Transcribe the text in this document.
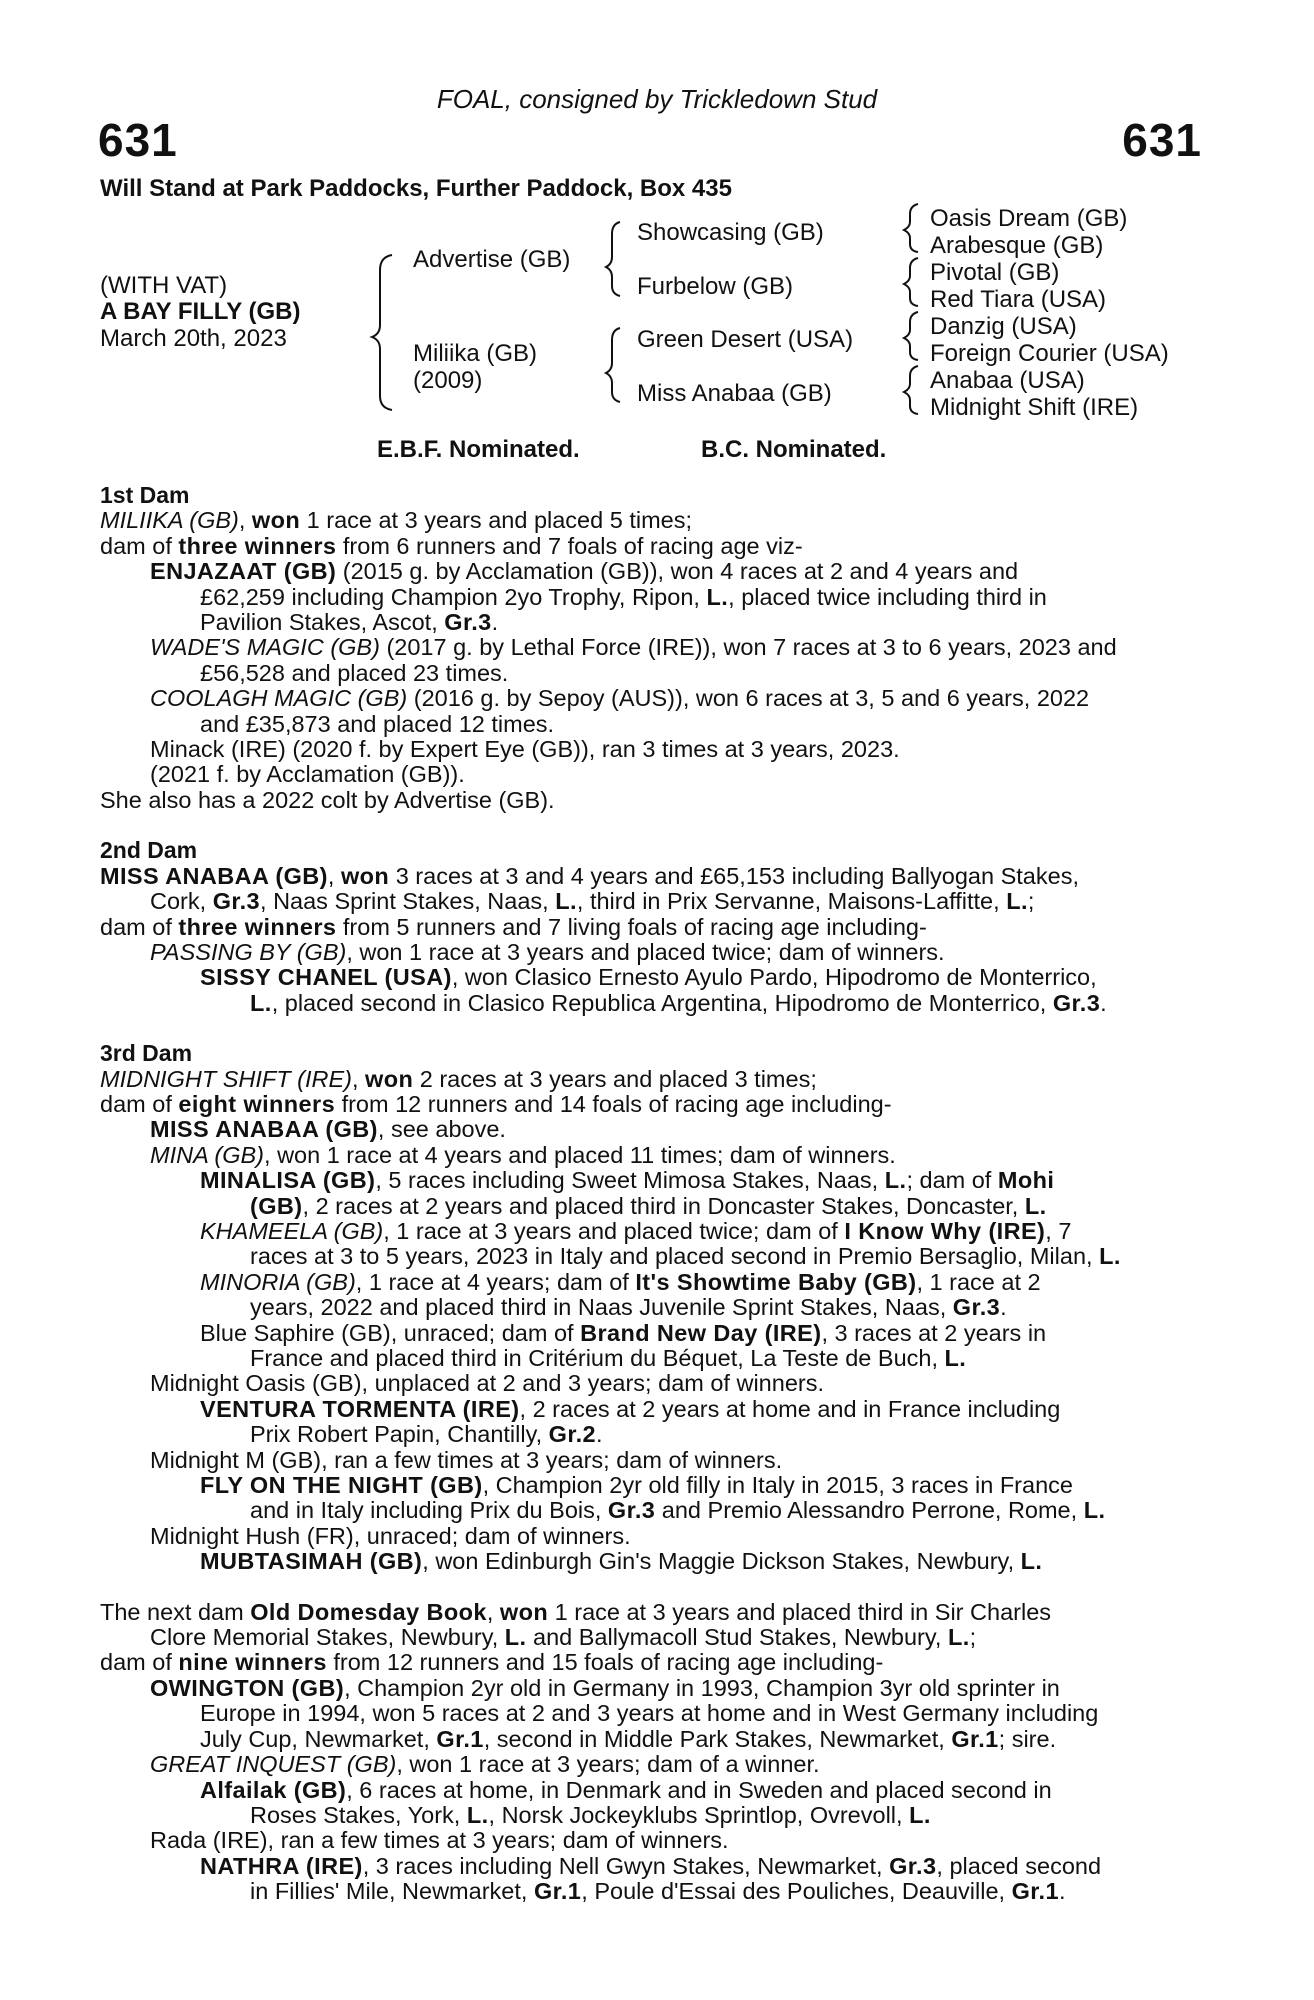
FOAL, consigned by Trickledown Stud
631	631
Will Stand at Park Paddocks, Further Paddock, Box 435
(WITH VAT)
A BAY FILLY (GB)
March 20th, 2023
Advertise (GB)
Miliika (GB)
(2009)
Showcasing (GB)
Furbelow (GB)
Green Desert (USA)
Miss Anabaa (GB)
Oasis Dream (GB)
Arabesque (GB)
Pivotal (GB)
Red Tiara (USA)
Danzig (USA)
Foreign Courier (USA)
Anabaa (USA)
Midnight Shift (IRE)
E.B.F. Nominated.	B.C. Nominated.
1st Dam
MILIIKA (GB), won 1 race at 3 years and placed 5 times;
dam of three winners from 6 runners and 7 foals of racing age viz-
ENJAZAAT (GB) (2015 g. by Acclamation (GB)), won 4 races at 2 and 4 years and
£62,259 including Champion 2yo Trophy, Ripon, L., placed twice including third in
Pavilion Stakes, Ascot, Gr.3.
WADE'S MAGIC (GB) (2017 g. by Lethal Force (IRE)), won 7 races at 3 to 6 years, 2023 and
£56,528 and placed 23 times.
COOLAGH MAGIC (GB) (2016 g. by Sepoy (AUS)), won 6 races at 3, 5 and 6 years, 2022
and £35,873 and placed 12 times.
Minack (IRE) (2020 f. by Expert Eye (GB)), ran 3 times at 3 years, 2023.
(2021 f. by Acclamation (GB)).
She also has a 2022 colt by Advertise (GB).
2nd Dam
MISS ANABAA (GB), won 3 races at 3 and 4 years and £65,153 including Ballyogan Stakes,
Cork, Gr.3, Naas Sprint Stakes, Naas, L., third in Prix Servanne, Maisons-Laffitte, L.;
dam of three winners from 5 runners and 7 living foals of racing age including-
PASSING BY (GB), won 1 race at 3 years and placed twice; dam of winners.
SISSY CHANEL (USA), won Clasico Ernesto Ayulo Pardo, Hipodromo de Monterrico,
L., placed second in Clasico Republica Argentina, Hipodromo de Monterrico, Gr.3.
3rd Dam
MIDNIGHT SHIFT (IRE), won 2 races at 3 years and placed 3 times;
dam of eight winners from 12 runners and 14 foals of racing age including-
MISS ANABAA (GB), see above.
MINA (GB), won 1 race at 4 years and placed 11 times; dam of winners.
MINALISA (GB), 5 races including Sweet Mimosa Stakes, Naas, L.; dam of Mohi
(GB), 2 races at 2 years and placed third in Doncaster Stakes, Doncaster, L.
KHAMEELA (GB), 1 race at 3 years and placed twice; dam of I Know Why (IRE), 7
races at 3 to 5 years, 2023 in Italy and placed second in Premio Bersaglio, Milan, L.
MINORIA (GB), 1 race at 4 years; dam of It's Showtime Baby (GB), 1 race at 2
years, 2022 and placed third in Naas Juvenile Sprint Stakes, Naas, Gr.3.
Blue Saphire (GB), unraced; dam of Brand New Day (IRE), 3 races at 2 years in
France and placed third in Critérium du Béquet, La Teste de Buch, L.
Midnight Oasis (GB), unplaced at 2 and 3 years; dam of winners.
VENTURA TORMENTA (IRE), 2 races at 2 years at home and in France including
Prix Robert Papin, Chantilly, Gr.2.
Midnight M (GB), ran a few times at 3 years; dam of winners.
FLY ON THE NIGHT (GB), Champion 2yr old filly in Italy in 2015, 3 races in France
and in Italy including Prix du Bois, Gr.3 and Premio Alessandro Perrone, Rome, L.
Midnight Hush (FR), unraced; dam of winners.
MUBTASIMAH (GB), won Edinburgh Gin's Maggie Dickson Stakes, Newbury, L.
The next dam Old Domesday Book, won 1 race at 3 years and placed third in Sir Charles
Clore Memorial Stakes, Newbury, L. and Ballymacoll Stud Stakes, Newbury, L.;
dam of nine winners from 12 runners and 15 foals of racing age including-
OWINGTON (GB), Champion 2yr old in Germany in 1993, Champion 3yr old sprinter in
Europe in 1994, won 5 races at 2 and 3 years at home and in West Germany including
July Cup, Newmarket, Gr.1, second in Middle Park Stakes, Newmarket, Gr.1; sire.
GREAT INQUEST (GB), won 1 race at 3 years; dam of a winner.
Alfailak (GB), 6 races at home, in Denmark and in Sweden and placed second in
Roses Stakes, York, L., Norsk Jockeyklubs Sprintlop, Ovrevoll, L.
Rada (IRE), ran a few times at 3 years; dam of winners.
NATHRA (IRE), 3 races including Nell Gwyn Stakes, Newmarket, Gr.3, placed second
in Fillies' Mile, Newmarket, Gr.1, Poule d'Essai des Pouliches, Deauville, Gr.1.
